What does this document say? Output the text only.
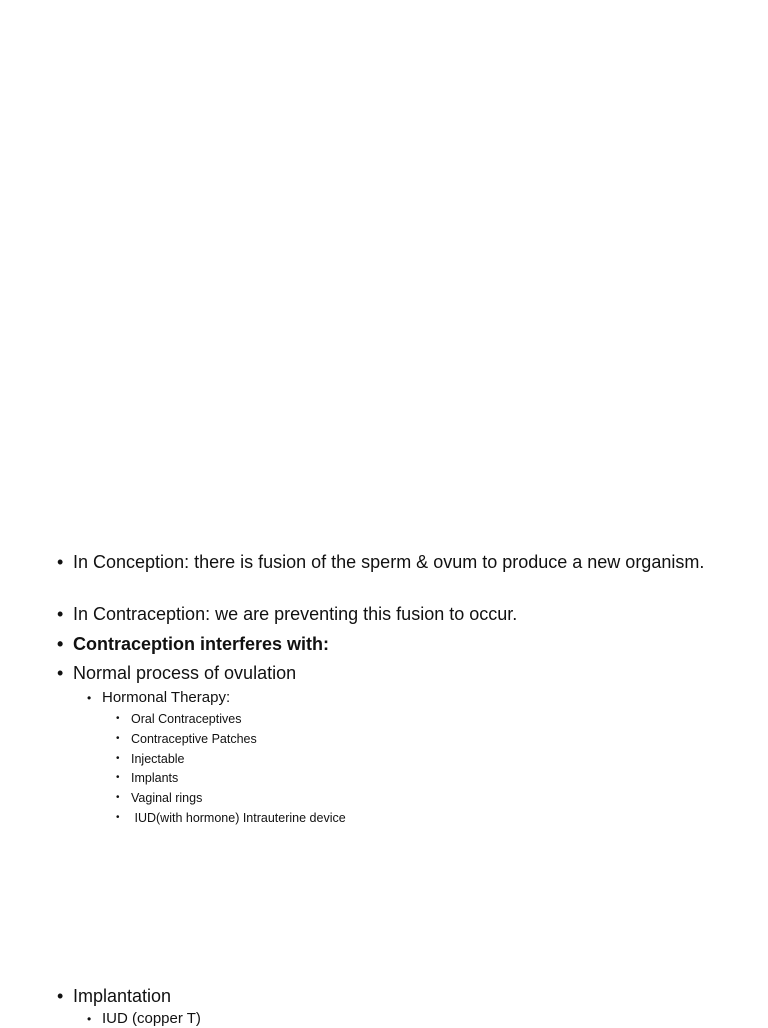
• In Conception: there is fusion of the sperm & ovum to produce a new organism.
• In Contraception: we are preventing this fusion to occur.
• Contraception interferes with:
• Normal process of ovulation
• Hormonal Therapy:
• Oral Contraceptives
• Contraceptive Patches
• Injectable
• Implants
• Vaginal rings
• IUD(with hormone) Intrauterine device
• Implantation
• IUD (copper T)
